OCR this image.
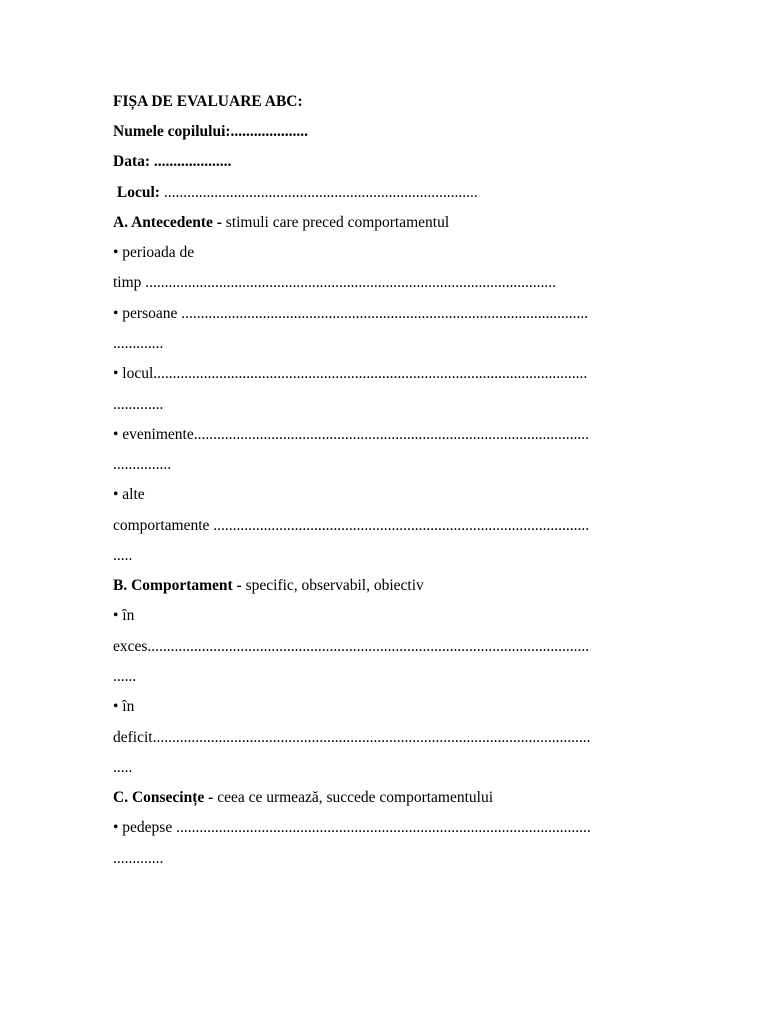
FIȘA DE EVALUARE ABC:
Numele copilului:....................
Data: ....................
Locul: .................................................................................
A. Antecedente - stimuli care preced comportamentul
• perioada de
timp ..........................................................................................................
• persoane .........................................................................................................
.............
• locul................................................................................................................
.............
• evenimente......................................................................................................
...............
• alte
comportamente .................................................................................................
.....
B. Comportament - specific, observabil, obiectiv
• în
exces..................................................................................................................
......
• în
deficit.................................................................................................................
.....
C. Consecințe - ceea ce urmează, succede comportamentului
• pedepse ...........................................................................................................
.............
